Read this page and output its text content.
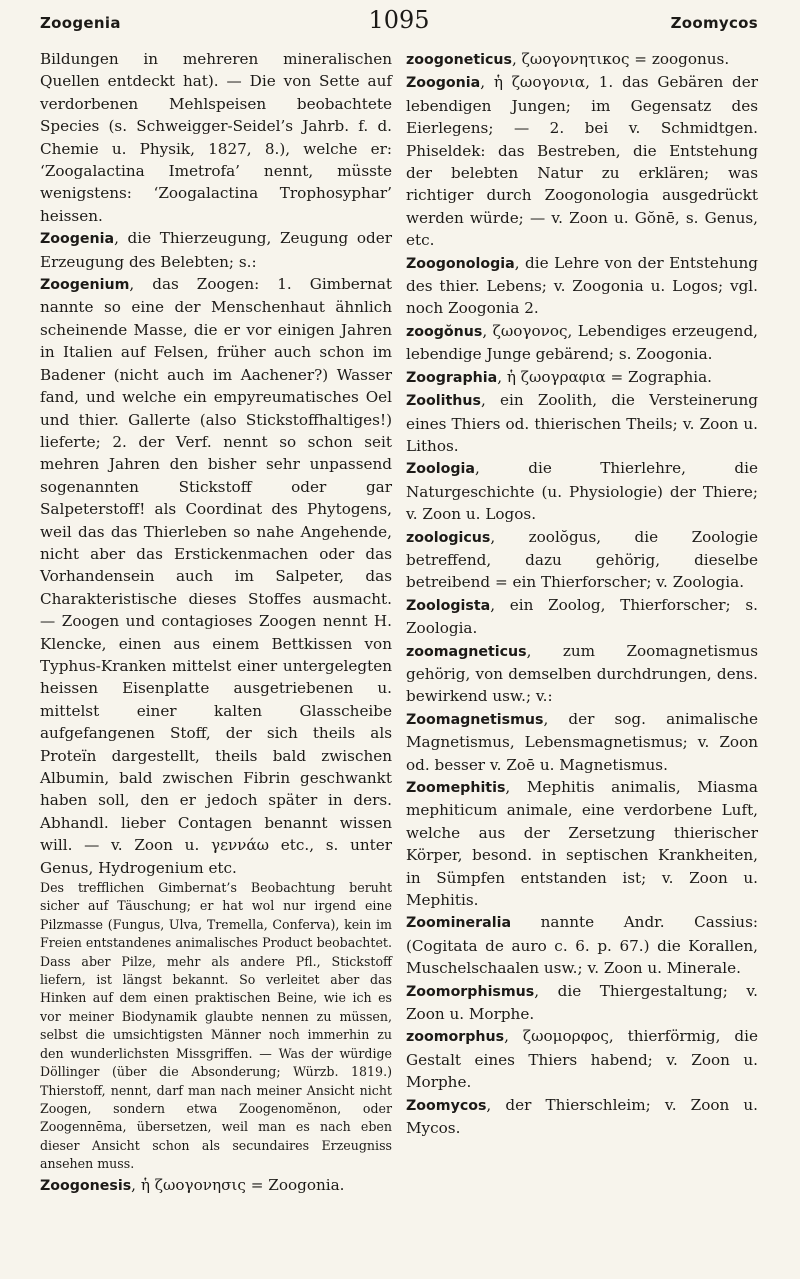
Zoogenia	1095	Zoomycos

Bildungen in mehreren mineralischen Quellen entdeckt hat). — Die von Sette auf verdorbenen Mehlspeisen beobachtete Species (s. Schweigger-Seidel’s Jahrb. f. d. Chemie u. Physik, 1827, 8.), welche er: ‘Zoogalactina Imetrofa’ nennt, müsste wenigstens: ‘Zoogalactina Trophosyphar’ heissen.

Zoogenia, die Thierzeugung, Zeugung oder Erzeugung des Belebten; s.:

Zoogenium, das Zoogen: 1. Gimbernat nannte so eine der Menschenhaut ähnlich scheinende Masse, die er vor einigen Jahren in Italien auf Felsen, früher auch schon im Badener (nicht auch im Aachener?) Wasser fand, und welche ein empyreumatisches Oel und thier. Gallerte (also Stickstoffhaltiges!) lieferte; 2. der Verf. nennt so schon seit mehren Jahren den bisher sehr unpassend sogenannten Stickstoff oder gar Salpeterstoff! als Coordinat des Phytogens, weil das das Thierleben so nahe Angehende, nicht aber das Erstickenmachen oder das Vorhandensein auch im Salpeter, das Charakteristische dieses Stoffes ausmacht. — Zoogen und contagioses Zoogen nennt H. Klencke, einen aus einem Bettkissen von Typhus-Kranken mittelst einer untergelegten heissen Eisenplatte ausgetriebenen u. mittelst einer kalten Glasscheibe aufgefangenen Stoff, der sich theils als Proteïn dargestellt, theils bald zwischen Albumin, bald zwischen Fibrin geschwankt haben soll, den er jedoch später in ders. Abhandl. lieber Contagen benannt wissen will. — v. Zoon u. γεννάω etc., s. unter Genus, Hydrogenium etc.

Des trefflichen Gimbernat’s Beobachtung beruht sicher auf Täuschung; er hat wol nur irgend eine Pilzmasse (Fungus, Ulva, Tremella, Conferva), kein im Freien entstandenes animalisches Product beobachtet. Dass aber Pilze, mehr als andere Pfl., Stickstoff liefern, ist längst bekannt. So verleitet aber das Hinken auf dem einen praktischen Beine, wie ich es vor meiner Biodynamik glaubte nennen zu müssen, selbst die umsichtigsten Männer noch immerhin zu den wunderlichsten Missgriffen. — Was der würdige Döllinger (über die Absonderung; Würzb. 1819.) Thierstoff, nennt, darf man nach meiner Ansicht nicht Zoogen, sondern etwa Zoogenomĕnon, oder Zoogennēma, übersetzen, weil man es nach eben dieser Ansicht schon als secundaires Erzeugniss ansehen muss.

Zoogonesis, ἡ ζωογονησις = Zoogonia.

zoogoneticus, ζωογονητικος = zoogonus.

Zoogonia, ἡ ζωογονια, 1. das Gebären der lebendigen Jungen; im Gegensatz des Eierlegens; — 2. bei v. Schmidtgen. Phiseldek: das Bestreben, die Entstehung der belebten Natur zu erklären; was richtiger durch Zoogonologia ausgedrückt werden würde; — v. Zoon u. Gŏnē, s. Genus, etc.

Zoogonologia, die Lehre von der Entstehung des thier. Lebens; v. Zoogonia u. Logos; vgl. noch Zoogonia 2.

zoogŏnus, ζωογονος, Lebendiges erzeugend, lebendige Junge gebärend; s. Zoogonia.

Zoographia, ἡ ζωογραφια = Zographia.

Zoolithus, ein Zoolith, die Versteinerung eines Thiers od. thierischen Theils; v. Zoon u. Lithos.

Zoologia, die Thierlehre, die Naturgeschichte (u. Physiologie) der Thiere; v. Zoon u. Logos.

zoologicus, zoolŏgus, die Zoologie betreffend, dazu gehörig, dieselbe betreibend = ein Thierforscher; v. Zoologia.

Zoologista, ein Zoolog, Thierforscher; s. Zoologia.

zoomagneticus, zum Zoomagnetismus gehörig, von demselben durchdrungen, dens. bewirkend usw.; v.:

Zoomagnetismus, der sog. animalische Magnetismus, Lebensmagnetismus; v. Zoon od. besser v. Zoē u. Magnetismus.

Zoomephitis, Mephitis animalis, Miasma mephiticum animale, eine verdorbene Luft, welche aus der Zersetzung thierischer Körper, besond. in septischen Krankheiten, in Sümpfen entstanden ist; v. Zoon u. Mephitis.

Zoomineralia nannte Andr. Cassius: (Cogitata de auro c. 6. p. 67.) die Korallen, Muschelschaalen usw.; v. Zoon u. Minerale.

Zoomorphismus, die Thiergestaltung; v. Zoon u. Morphe.

zoomorphus, ζωομορφος, thierförmig, die Gestalt eines Thiers habend; v. Zoon u. Morphe.

Zoomycos, der Thierschleim; v. Zoon u. Mycos.
